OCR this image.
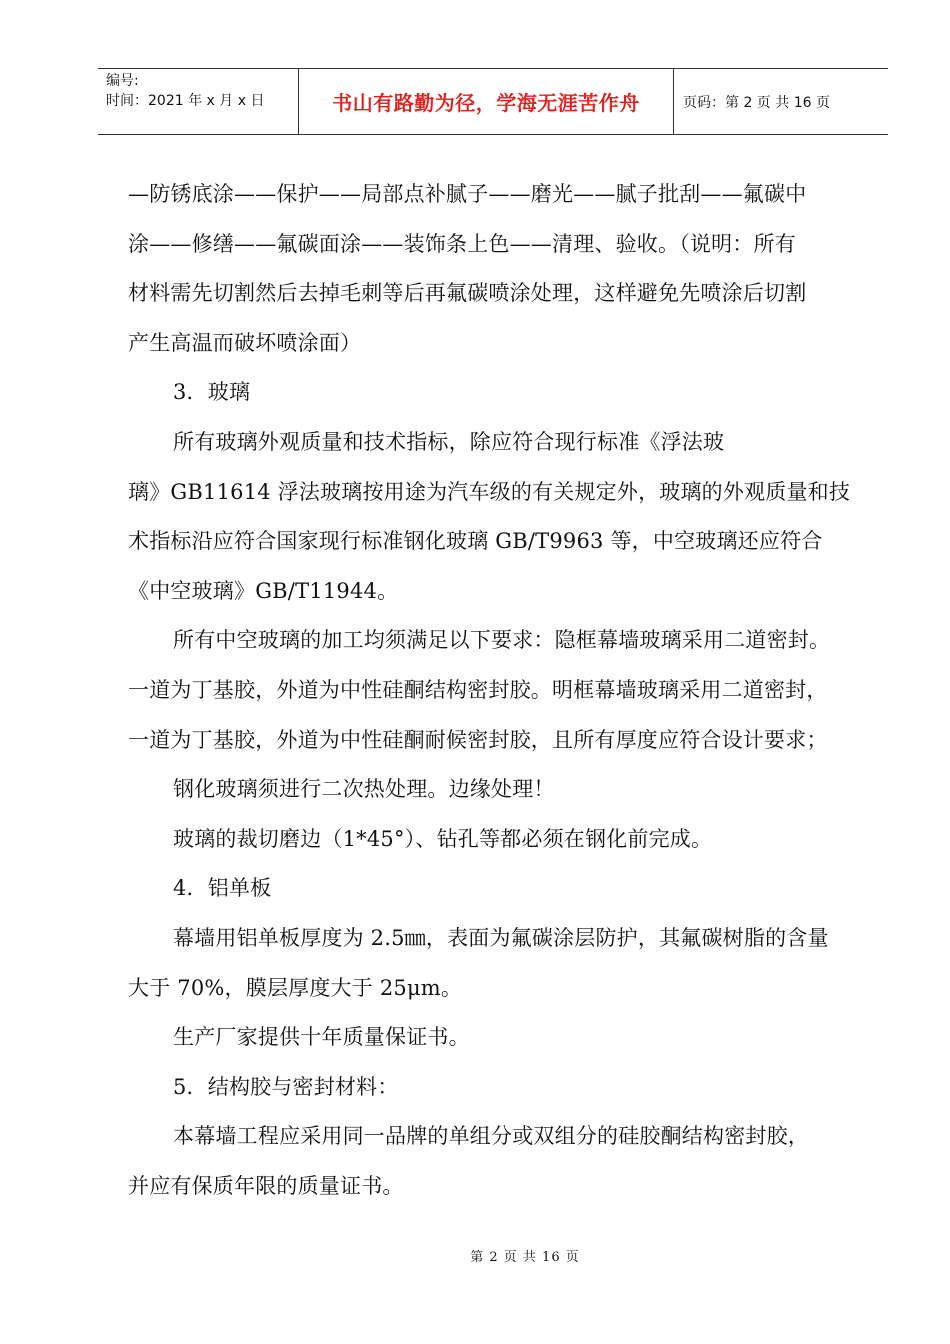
编号:
时间：2021 年 x 月 x 日	书山有路勤为径，学海无涯苦作舟	页码：第 2 页 共 16 页
—防锈底涂——保护——局部点补腻子——磨光——腻子批刮——氟碳中
涂——修缮——氟碳面涂——装饰条上色——清理、验收。（说明：所有
材料需先切割然后去掉毛刺等后再氟碳喷涂处理，这样避免先喷涂后切割
产生高温而破坏喷涂面）
3．玻璃
所有玻璃外观质量和技术指标，除应符合现行标准《浮法玻
璃》GB11614 浮法玻璃按用途为汽车级的有关规定外，玻璃的外观质量和技
术指标沿应符合国家现行标准钢化玻璃 GB/T9963 等，中空玻璃还应符合
《中空玻璃》GB/T11944。
所有中空玻璃的加工均须满足以下要求：隐框幕墙玻璃采用二道密封。
一道为丁基胶，外道为中性硅酮结构密封胶。明框幕墙玻璃采用二道密封，
一道为丁基胶，外道为中性硅酮耐候密封胶，且所有厚度应符合设计要求；
钢化玻璃须进行二次热处理。边缘处理！
玻璃的裁切磨边（1*45°）、钻孔等都必须在钢化前完成。
4．铝单板
幕墙用铝单板厚度为 2.5㎜，表面为氟碳涂层防护，其氟碳树脂的含量
大于 70%，膜层厚度大于 25μm。
生产厂家提供十年质量保证书。
5．结构胶与密封材料：
本幕墙工程应采用同一品牌的单组分或双组分的硅胶酮结构密封胶，
并应有保质年限的质量证书。
第 2 页 共 16 页
